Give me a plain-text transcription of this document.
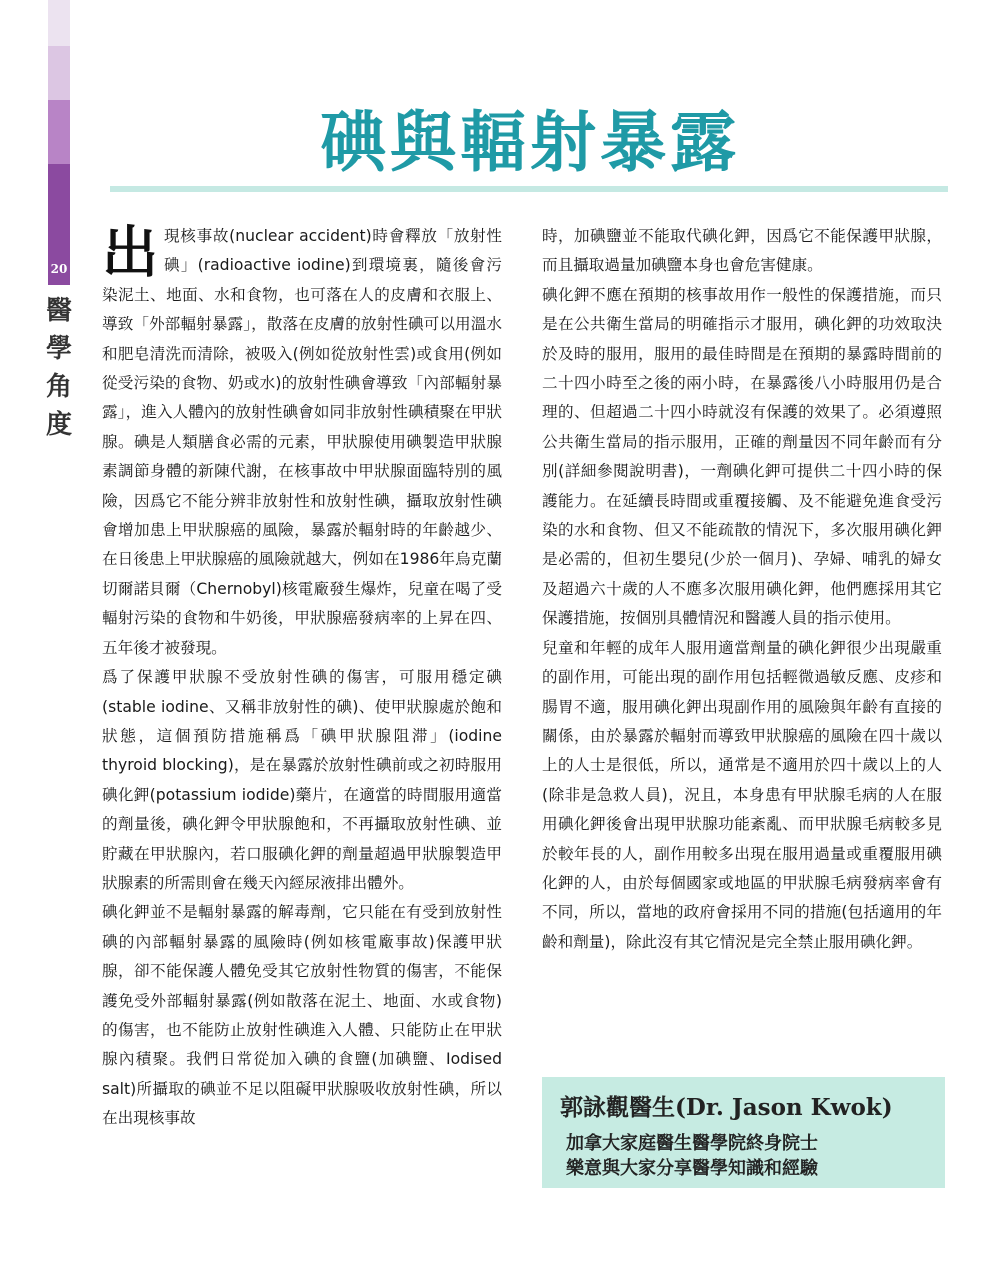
20
醫
學
角
度
碘與輻射暴露

出現核事故(nuclear accident)時會釋放「放射性碘」(radioactive iodine)到環境裏，隨後會污染泥土、地面、水和食物，也可落在人的皮膚和衣服上、導致「外部輻射暴露」，散落在皮膚的放射性碘可以用溫水和肥皂清洗而清除，被吸入(例如從放射性雲)或食用(例如從受污染的食物、奶或水)的放射性碘會導致「內部輻射暴露」，進入人體內的放射性碘會如同非放射性碘積聚在甲狀腺。碘是人類膳食必需的元素，甲狀腺使用碘製造甲狀腺素調節身體的新陳代謝，在核事故中甲狀腺面臨特別的風險，因爲它不能分辨非放射性和放射性碘，攝取放射性碘會增加患上甲狀腺癌的風險，暴露於輻射時的年齡越少、在日後患上甲狀腺癌的風險就越大，例如在1986年烏克蘭切爾諾貝爾（Chernobyl)核電廠發生爆炸，兒童在喝了受輻射污染的食物和牛奶後，甲狀腺癌發病率的上昇在四、五年後才被發現。

爲了保護甲狀腺不受放射性碘的傷害，可服用穩定碘(stable iodine、又稱非放射性的碘)、使甲狀腺處於飽和狀態，這個預防措施稱爲「碘甲狀腺阻滞」(iodine thyroid blocking)，是在暴露於放射性碘前或之初時服用碘化鉀(potassium iodide)藥片，在適當的時間服用適當的劑量後，碘化鉀令甲狀腺飽和，不再攝取放射性碘、並貯藏在甲狀腺內，若口服碘化鉀的劑量超過甲狀腺製造甲狀腺素的所需則會在幾天內經尿液排出體外。

碘化鉀並不是輻射暴露的解毒劑，它只能在有受到放射性碘的內部輻射暴露的風險時(例如核電廠事故)保護甲狀腺，卻不能保護人體免受其它放射性物質的傷害，不能保護免受外部輻射暴露(例如散落在泥土、地面、水或食物)的傷害，也不能防止放射性碘進入人體、只能防止在甲狀腺內積聚。我們日常從加入碘的食鹽(加碘鹽、Iodised salt)所攝取的碘並不足以阻礙甲狀腺吸收放射性碘，所以在出現核事故

時，加碘鹽並不能取代碘化鉀，因爲它不能保護甲狀腺，而且攝取過量加碘鹽本身也會危害健康。

碘化鉀不應在預期的核事故用作一般性的保護措施，而只是在公共衛生當局的明確指示才服用，碘化鉀的功效取決於及時的服用，服用的最佳時間是在預期的暴露時間前的二十四小時至之後的兩小時，在暴露後八小時服用仍是合理的、但超過二十四小時就沒有保護的效果了。必須遵照公共衛生當局的指示服用，正確的劑量因不同年齡而有分別(詳細參閱說明書)，一劑碘化鉀可提供二十四小時的保護能力。在延續長時間或重覆接觸、及不能避免進食受污染的水和食物、但又不能疏散的情況下，多次服用碘化鉀是必需的，但初生嬰兒(少於一個月)、孕婦、哺乳的婦女及超過六十歲的人不應多次服用碘化鉀，他們應採用其它保護措施，按個別具體情況和醫護人員的指示使用。

兒童和年輕的成年人服用適當劑量的碘化鉀很少出現嚴重的副作用，可能出現的副作用包括輕微過敏反應、皮疹和腸胃不適，服用碘化鉀出現副作用的風險與年齡有直接的關係，由於暴露於輻射而導致甲狀腺癌的風險在四十歲以上的人士是很低，所以，通常是不適用於四十歲以上的人(除非是急救人員)，況且，本身患有甲狀腺毛病的人在服用碘化鉀後會出現甲狀腺功能紊亂、而甲狀腺毛病較多見於較年長的人，副作用較多出現在服用過量或重覆服用碘化鉀的人，由於每個國家或地區的甲狀腺毛病發病率會有不同，所以，當地的政府會採用不同的措施(包括適用的年齡和劑量)，除此沒有其它情況是完全禁止服用碘化鉀。

郭詠觀醫生(Dr. Jason Kwok)
加拿大家庭醫生醫學院終身院士
樂意與大家分享醫學知識和經驗
